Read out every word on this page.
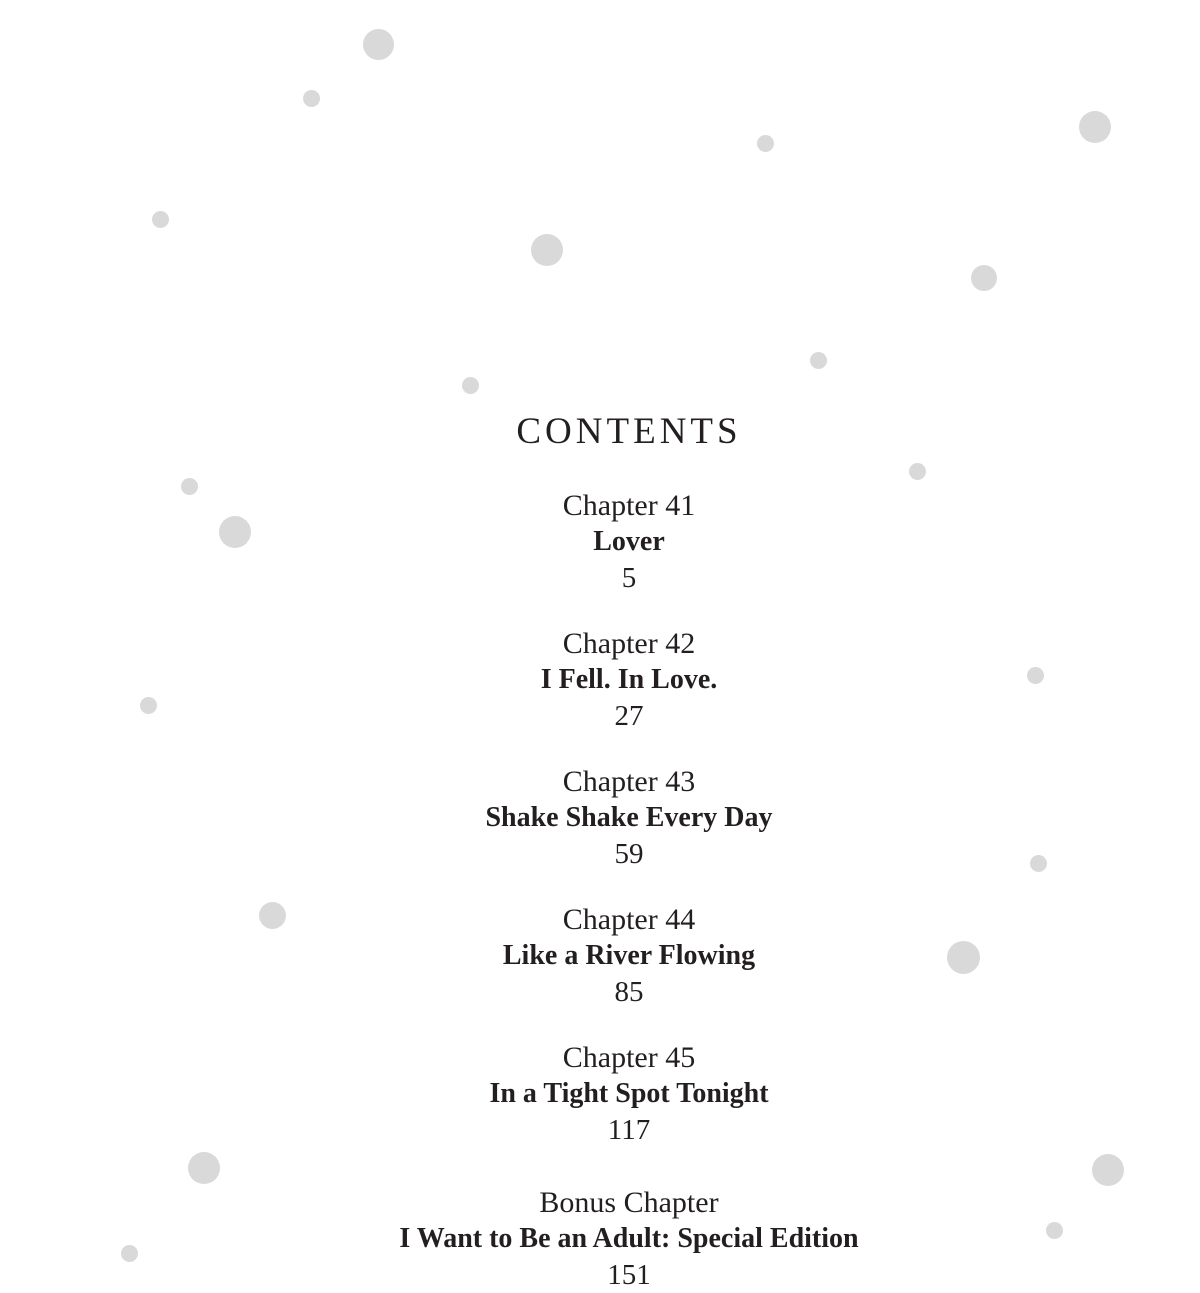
CONTENTS
Chapter 41
Lover
5
Chapter 42
I Fell. In Love.
27
Chapter 43
Shake Shake Every Day
59
Chapter 44
Like a River Flowing
85
Chapter 45
In a Tight Spot Tonight
117
Bonus Chapter
I Want to Be an Adult: Special Edition
151
